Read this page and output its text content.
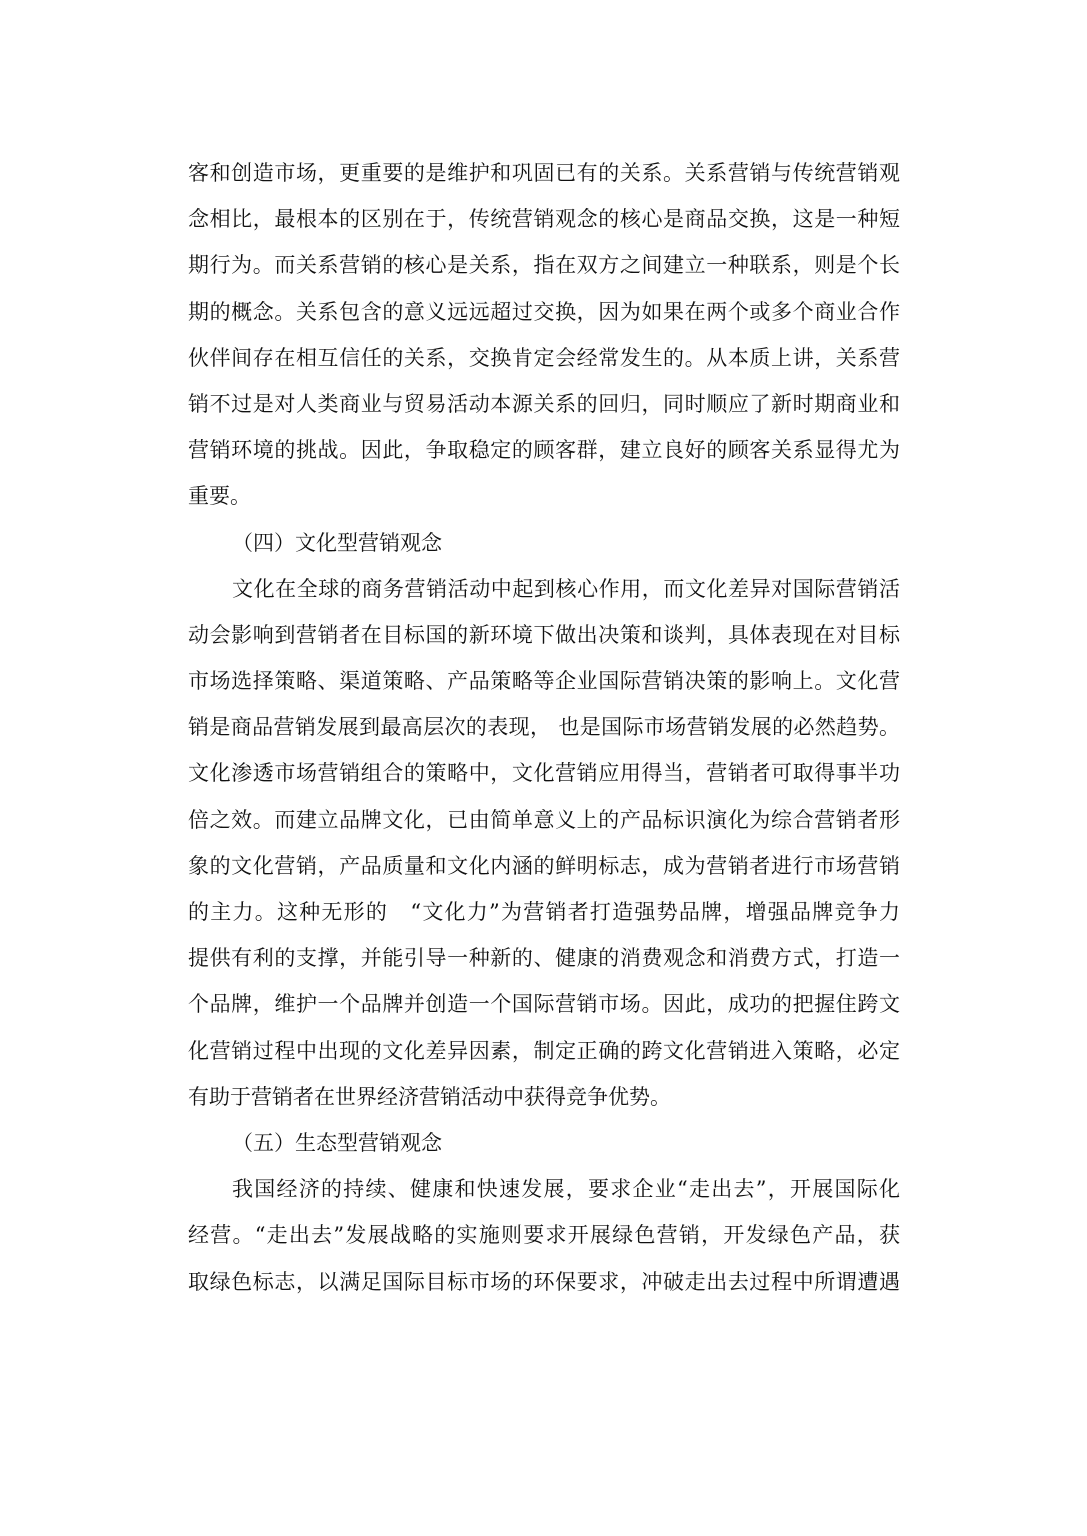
客和创造市场，更重要的是维护和巩固已有的关系。关系营销与传统营销观
念相比，最根本的区别在于，传统营销观念的核心是商品交换，这是一种短
期行为。而关系营销的核心是关系，指在双方之间建立一种联系，则是个长
期的概念。关系包含的意义远远超过交换，因为如果在两个或多个商业合作
伙伴间存在相互信任的关系，交换肯定会经常发生的。从本质上讲，关系营
销不过是对人类商业与贸易活动本源关系的回归，同时顺应了新时期商业和
营销环境的挑战。因此，争取稳定的顾客群，建立良好的顾客关系显得尤为
重要。
（四）文化型营销观念
文化在全球的商务营销活动中起到核心作用，而文化差异对国际营销活
动会影响到营销者在目标国的新环境下做出决策和谈判，具体表现在对目标
市场选择策略、渠道策略、产品策略等企业国际营销决策的影响上。文化营
销是商品营销发展到最高层次的表现， 也是国际市场营销发展的必然趋势。
文化渗透市场营销组合的策略中，文化营销应用得当，营销者可取得事半功
倍之效。而建立品牌文化，已由简单意义上的产品标识演化为综合营销者形
象的文化营销，产品质量和文化内涵的鲜明标志，成为营销者进行市场营销
的主力。这种无形的　“文化力”为营销者打造强势品牌，增强品牌竞争力
提供有利的支撑，并能引导一种新的、健康的消费观念和消费方式，打造一
个品牌，维护一个品牌并创造一个国际营销市场。因此，成功的把握住跨文
化营销过程中出现的文化差异因素，制定正确的跨文化营销进入策略，必定
有助于营销者在世界经济营销活动中获得竞争优势。
（五）生态型营销观念
我国经济的持续、健康和快速发展，要求企业“走出去”，开展国际化
经营。“走出去”发展战略的实施则要求开展绿色营销，开发绿色产品，获
取绿色标志，以满足国际目标市场的环保要求，冲破走出去过程中所谓遭遇
